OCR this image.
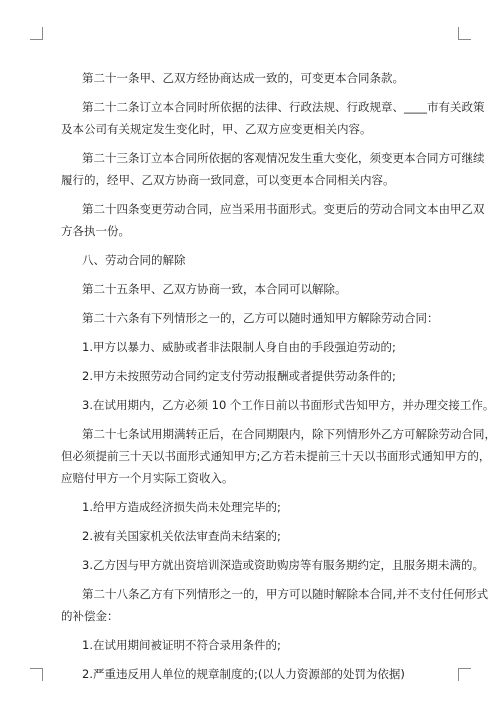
第二十一条甲、乙双方经协商达成一致的，可变更本合同条款。
第二十二条订立本合同时所依据的法律、行政法规、行政规章、____市有关政策
及本公司有关规定发生变化时，甲、乙双方应变更相关内容。
第二十三条订立本合同所依据的客观情况发生重大变化，须变更本合同方可继续
履行的，经甲、乙双方协商一致同意，可以变更本合同相关内容。
第二十四条变更劳动合同，应当采用书面形式。变更后的劳动合同文本由甲乙双
方各执一份。
八、劳动合同的解除
第二十五条甲、乙双方协商一致，本合同可以解除。
第二十六条有下列情形之一的，乙方可以随时通知甲方解除劳动合同：
1.甲方以暴力、威胁或者非法限制人身自由的手段强迫劳动的;
2.甲方未按照劳动合同约定支付劳动报酬或者提供劳动条件的;
3.在试用期内，乙方必须 10 个工作日前以书面形式告知甲方，并办理交接工作。
第二十七条试用期满转正后，在合同期限内，除下列情形外乙方可解除劳动合同，
但必须提前三十天以书面形式通知甲方;乙方若未提前三十天以书面形式通知甲方的，
应赔付甲方一个月实际工资收入。
1.给甲方造成经济损失尚未处理完毕的;
2.被有关国家机关依法审查尚未结案的;
3.乙方因与甲方就出资培训深造或资助购房等有服务期约定，且服务期未满的。
第二十八条乙方有下列情形之一的，甲方可以随时解除本合同,并不支付任何形式
的补偿金：
1.在试用期间被证明不符合录用条件的;
2.严重违反用人单位的规章制度的;(以人力资源部的处罚为依据)
